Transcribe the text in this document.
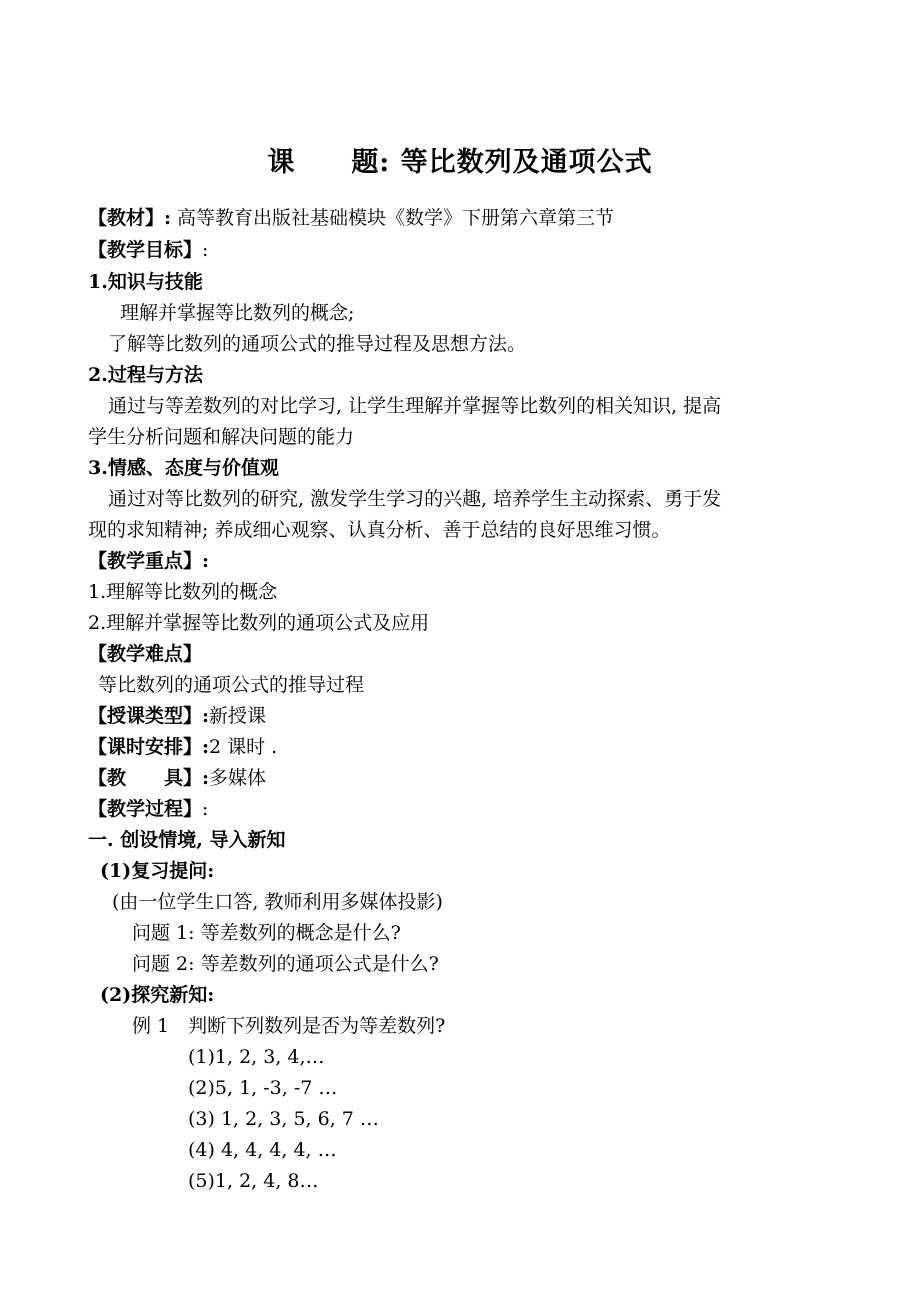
课 题: 等比数列及通项公式
【教材】: 高等教育出版社基础模块《数学》下册第六章第三节
【教学目标】:
1.知识与技能
理解并掌握等比数列的概念;
了解等比数列的通项公式的推导过程及思想方法。
2.过程与方法
通过与等差数列的对比学习, 让学生理解并掌握等比数列的相关知识, 提高
学生分析问题和解决问题的能力
3.情感、态度与价值观
通过对等比数列的研究, 激发学生学习的兴趣, 培养学生主动探索、勇于发
现的求知精神; 养成细心观察、认真分析、善于总结的良好思维习惯。
【教学重点】:
1.理解等比数列的概念
2.理解并掌握等比数列的通项公式及应用
【教学难点】
等比数列的通项公式的推导过程
【授课类型】:新授课
【课时安排】:2 课时 .
【教　　具】:多媒体
【教学过程】:
一. 创设情境, 导入新知
(1)复习提问:
(由一位学生口答, 教师利用多媒体投影)
问题 1: 等差数列的概念是什么?
问题 2: 等差数列的通项公式是什么?
(2)探究新知:
例 1　判断下列数列是否为等差数列?
(1)1, 2, 3, 4,…
(2)5, 1, -3, -7 …
(3) 1, 2, 3, 5, 6, 7 …
(4) 4, 4, 4, 4, …
(5)1, 2, 4, 8…
